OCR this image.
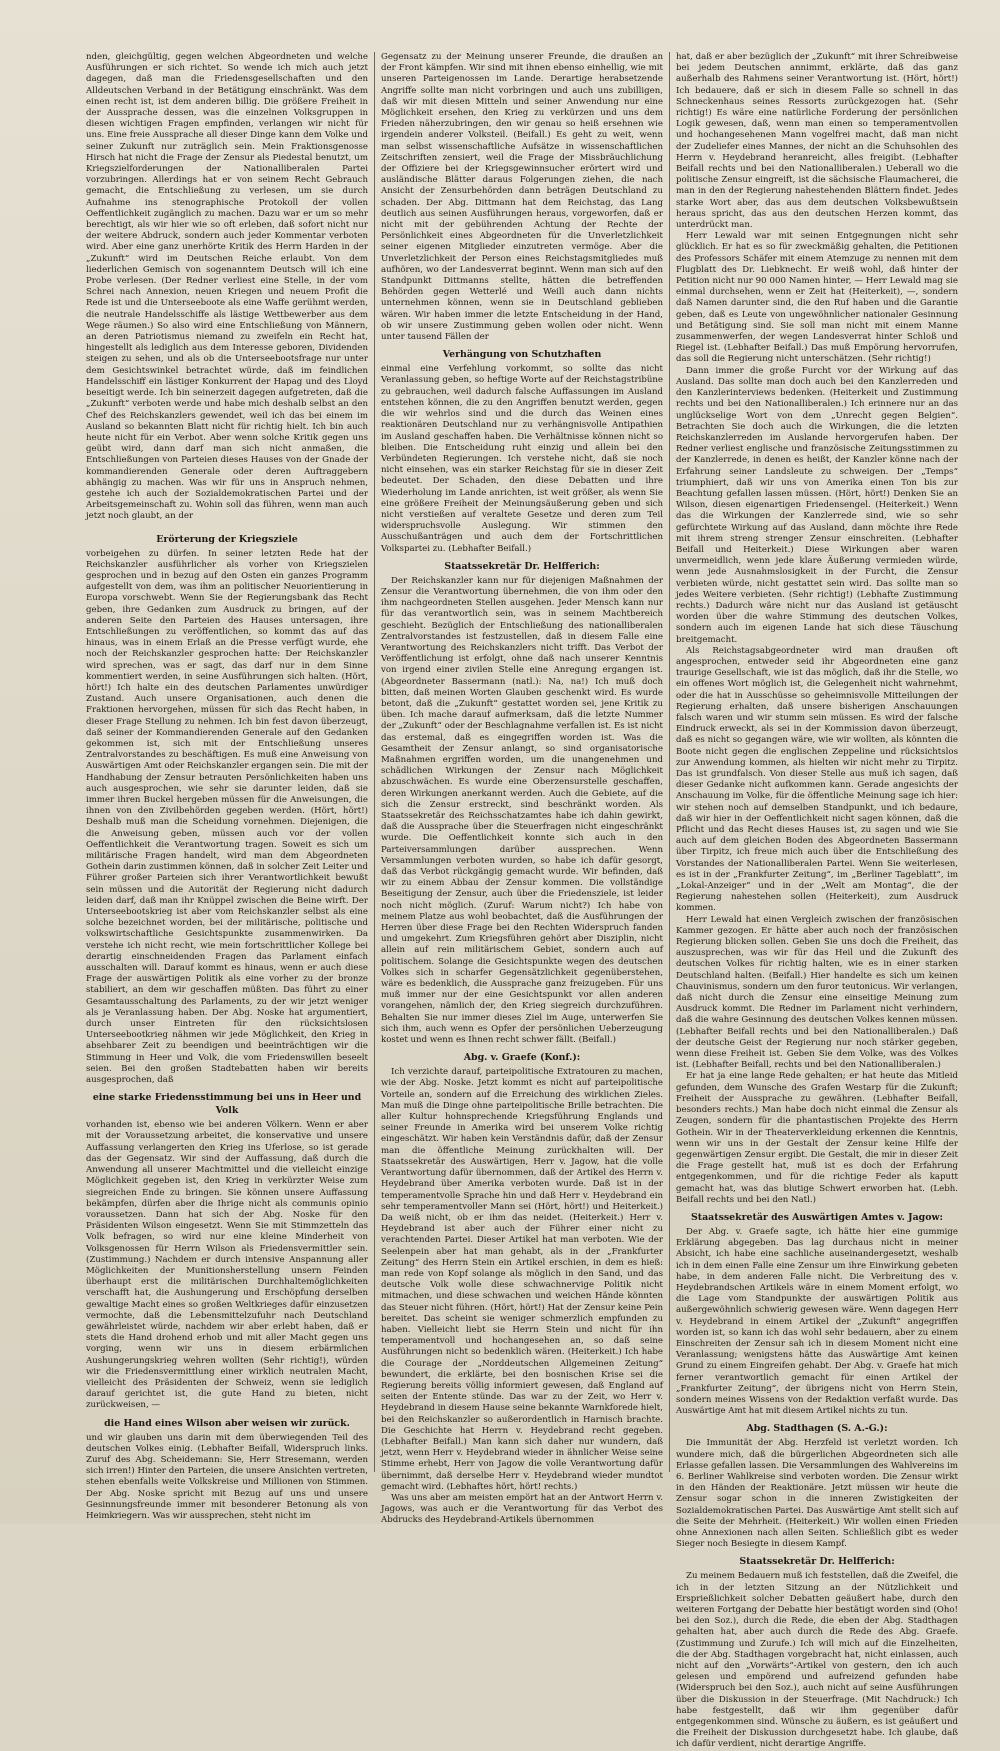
nden, gleichgültig, gegen welchen Abgeordneten und welche Ausführungen er sich richtet. So wende ich mich auch jetzt dagegen, daß man die Friedensgesellschaften und den Alldeutschen Verband in der Betätigung einschränkt. Was dem einen recht ist, ist dem anderen billig. Die größere Freiheit in der Aussprache dessen, was die einzelnen Volksgruppen in diesen wichtigen Fragen empfinden, verlangen wir nicht für uns. Eine freie Aussprache all dieser Dinge kann dem Volke und seiner Zukunft nur zuträglich sein. Mein Fraktionsgenosse Hirsch hat nicht die Frage der Zensur als Piedestal benutzt, um Kriegszielforderungen der Nationalliberalen Partei vorzubringen. Allerdings hat er von seinem Recht Gebrauch gemacht, die Entschließung zu verlesen, um sie durch Aufnahme ins stenographische Protokoll der vollen Oeffentlichkeit zugänglich zu machen. Dazu war er um so mehr berechtigt, als wir hier wie so oft erleben, daß sofort nicht nur der weitere Abdruck, sondern auch jeder Kommentar verboten wird. Aber eine ganz unerhörte Kritik des Herrn Harden in der „Zukunft“ wird im Deutschen Reiche erlaubt. Von dem liederlichen Gemisch von sogenanntem Deutsch will ich eine Probe verlesen. (Der Redner verliest eine Stelle, in der vom Schrei nach Annexion, neuen Kriegen und neuem Profit die Rede ist und die Unterseeboote als eine Waffe gerühmt werden, die neutrale Handelsschiffe als lästige Wettbewerber aus dem Wege räumen.) So also wird eine Entschließung von Männern, an deren Patriotismus niemand zu zweifeln ein Recht hat, hingestellt als lediglich aus dem Interesse geboren, Dividenden steigen zu sehen, und als ob die Unterseebootsfrage nur unter dem Gesichtswinkel betrachtet würde, daß im feindlichen Handelsschiff ein lästiger Konkurrent der Hapag und des Lloyd beseitigt werde. Ich bin seinerzeit dagegen aufgetreten, daß die „Zukunft“ verboten werde und habe mich deshalb selbst an den Chef des Reichskanzlers gewendet, weil ich das bei einem im Ausland so bekannten Blatt nicht für richtig hielt. Ich bin auch heute nicht für ein Verbot. Aber wenn solche Kritik gegen uns geübt wird, dann darf man sich nicht anmaßen, die Entschließungen von Parteien dieses Hauses von der Gnade der kommandierenden Generale oder deren Auftraggebern abhängig zu machen. Was wir für uns in Anspruch nehmen, gestehe ich auch der Sozialdemokratischen Partei und der Arbeitsgemeinschaft zu. Wohin soll das führen, wenn man auch jetzt noch glaubt, an der

Erörterung der Kriegsziele

vorbeigehen zu dürfen. In seiner letzten Rede hat der Reichskanzler ausführlicher als vorher von Kriegszielen gesprochen und in bezug auf den Osten ein ganzes Programm aufgestellt von dem, was ihm an politischer Neuorientierung in Europa vorschwebt. Wenn Sie der Regierungsbank das Recht geben, ihre Gedanken zum Ausdruck zu bringen, auf der anderen Seite den Parteien des Hauses untersagen, ihre Entschließungen zu veröffentlichen, so kommt das auf das hinaus, was in einem Erlaß an die Presse verfügt wurde, ehe noch der Reichskanzler gesprochen hatte: Der Reichskanzler wird sprechen, was er sagt, das darf nur in dem Sinne kommentiert werden, in seine Ausführungen sich halten. (Hört, hört!) Ich halte ein des deutschen Parlamentes unwürdiger Zustand. Auch unsere Organisationen, auch denen die Fraktionen hervorgehen, müssen für sich das Recht haben, in dieser Frage Stellung zu nehmen. Ich bin fest davon überzeugt, daß seiner der Kommandierenden Generale auf den Gedanken gekommen ist, sich mit der Entschließung unseres Zentralvorstandes zu beschäftigen. Es muß eine Anweisung von Auswärtigen Amt oder Reichskanzler ergangen sein. Die mit der Handhabung der Zensur betrauten Persönlichkeiten haben uns auch ausgesprochen, wie sehr sie darunter leiden, daß sie immer ihren Buckel hergeben müssen für die Anweisungen, die ihnen von den Zivilbehörden gegeben werden. (Hört, hört!) Deshalb muß man die Scheidung vornehmen. Diejenigen, die die Anweisung geben, müssen auch vor der vollen Oeffentlichkeit die Verantwortung tragen. Soweit es sich um militärische Fragen handelt, wird man dem Abgeordneten Gothein darin zustimmen können, daß in solcher Zeit Leiter und Führer großer Parteien sich ihrer Verantwortlichkeit bewußt sein müssen und die Autorität der Regierung nicht dadurch leiden darf, daß man ihr Knüppel zwischen die Beine wirft. Der Unterseebootskrieg ist aber vom Reichskanzler selbst als eine solche bezeichnet worden, bei der militärische, politische und volkswirtschaftliche Gesichtspunkte zusammenwirken. Da verstehe ich nicht recht, wie mein fortschrittlicher Kollege bei derartig einschneidenden Fragen das Parlament einfach ausschalten will. Darauf kommt es hinaus, wenn er auch diese Frage der auswärtigen Politik als eine vorher zu der bronze stabiliert, an dem wir geschaffen müßten. Das führt zu einer Gesamtausschaltung des Parlaments, zu der wir jetzt weniger als je Veranlassung haben. Der Abg. Noske hat argumentiert, durch unser Eintreten für den rücksichtslosen Unterseebootkrieg nähmen wir jede Möglichkeit, den Krieg in absehbarer Zeit zu beendigen und beeinträchtigen wir die Stimmung in Heer und Volk, die vom Friedenswillen beseelt seien. Bei den großen Stadtebatten haben wir bereits ausgesprochen, daß

eine starke Friedensstimmung bei uns in Heer und Volk

vorhanden ist, ebenso wie bei anderen Völkern. Wenn er aber mit der Voraussetzung arbeitet, die konservative und unsere Auffassung verlangerten den Krieg ins Uferlose, so ist gerade das der Gegensatz. Wir sind der Auffassung, daß durch die Anwendung all unserer Machtmittel und die vielleicht einzige Möglichkeit gegeben ist, den Krieg in verkürzter Weise zum siegreichen Ende zu bringen. Sie können unsere Auffassung bekämpfen, dürfen aber die Ihrige nicht als communis opinio voraussetzen. Dann hat sich der Abg. Noske für den Präsidenten Wilson eingesetzt. Wenn Sie mit Stimmzetteln das Volk befragen, so wird nur eine kleine Minderheit von Volksgenossen für Herrn Wilson als Friedensvermittler sein. (Zustimmung.) Nachdem er durch intensive Anspannung aller Möglichkeiten der Munitionsherstellung unsern Feinden überhaupt erst die militärischen Durchhaltemöglichkeiten verschafft hat, die Aushungerung und Erschöpfung derselben gewaltige Macht eines so großen Weltkrieges dafür einzusetzen vermochte, daß die Lebensmittelzufuhr nach Deutschland gewährleistet würde, nachdem wir aber erlebt haben, daß er stets die Hand drohend erhob und mit aller Macht gegen uns vorging, wenn wir uns in diesem erbärmlichen Aushungerungskrieg wehren wollten (Sehr richtig!), würden wir die Friedensvermittlung einer wirklich neutralen Macht, vielleicht des Präsidenten der Schweiz, wenn sie lediglich darauf gerichtet ist, die gute Hand zu bieten, nicht zurückweisen, —

die Hand eines Wilson aber weisen wir zurück.

und wir glauben uns darin mit dem überwiegenden Teil des deutschen Volkes einig. (Lebhafter Beifall, Widerspruch links. Zuruf des Abg. Scheidemann: Sie, Herr Stresemann, werden sich irren!) Hinter den Parteien, die unsere Ansichten vertreten, stehen ebenfalls weite Volkskreise und Millionen von Stimmen. Der Abg. Noske spricht mit Bezug auf uns und unsere Gesinnungsfreunde immer mit besonderer Betonung als von Heimkriegern. Was wir aussprechen, steht nicht im

Gegensatz zu der Meinung unserer Freunde, die draußen an der Front kämpfen. Wir sind mit ihnen ebenso einhellig, wie mit unseren Parteigenossen im Lande. Derartige herabsetzende Angriffe sollte man nicht vorbringen und auch uns zubilligen, daß wir mit diesen Mitteln und seiner Anwendung nur eine Möglichkeit ersehen, den Krieg zu verkürzen und uns dem Frieden näherzubringen, den wir genau so heiß ersehnen wie irgendein anderer Volksteil. (Beifall.) Es geht zu weit, wenn man selbst wissenschaftliche Aufsätze in wissenschaftlichen Zeitschriften zensiert, weil die Frage der Missbräuchlichung der Offiziere bei der Kriegsgewinnsucher erörtert wird und ausländische Blätter daraus Folgerungen ziehen, die nach Ansicht der Zensurbehörden dann beträgen Deutschland zu schaden. Der Abg. Dittmann hat dem Reichstag, das Lang deutlich aus seinen Ausführungen heraus, vorgeworfen, daß er nicht mit der gebührenden Achtung der Rechte der Persönlichkeit eines Abgeordneten für die Unverletzlichkeit seiner eigenen Mitglieder einzutreten vermöge. Aber die Unverletzlichkeit der Person eines Reichstagsmitgliedes muß aufhören, wo der Landesverrat beginnt. Wenn man sich auf den Standpunkt Dittmanns stellte, hätten die betreffenden Behörden gegen Wetterlé und Weill auch dann nichts unternehmen können, wenn sie in Deutschland geblieben wären. Wir haben immer die letzte Entscheidung in der Hand, ob wir unsere Zustimmung geben wollen oder nicht. Wenn unter tausend Fällen der

Verhängung von Schutzhaften

einmal eine Verfehlung vorkommt, so sollte das nicht Veranlassung geben, so heftige Worte auf der Reichstagstribüne zu gebrauchen, weil dadurch falsche Auffassungen im Ausland entstehen können, die zu den Angriffen benutzt werden, gegen die wir wehrlos sind und die durch das Weinen eines reaktionären Deutschland nur zu verhängnisvolle Antipathien im Ausland geschaffen haben. Die Verhältnisse können nicht so bleiben. Die Entscheidung ruht einzig und allein bei den Verbündeten Regierungen. Ich verstehe nicht, daß sie noch nicht einsehen, was ein starker Reichstag für sie in dieser Zeit bedeutet. Der Schaden, den diese Debatten und ihre Wiederholung im Lande anrichten, ist weit größer, als wenn Sie eine größere Freiheit der Meinungsäußerung geben und sich nicht verstießen auf veraltete Gesetze und deren zum Teil widerspruchsvolle Auslegung. Wir stimmen den Ausschußanträgen und auch dem der Fortschrittlichen Volkspartei zu. (Lebhafter Beifall.)

Staatssekretär Dr. Helfferich:

Der Reichskanzler kann nur für diejenigen Maßnahmen der Zensur die Verantwortung übernehmen, die von ihm oder den ihm nachgeordneten Stellen ausgehen. Jeder Mensch kann nur für das verantwortlich sein, was in seinem Machtbereich geschieht. Bezüglich der Entschließung des nationalliberalen Zentralvorstandes ist festzustellen, daß in diesem Falle eine Verantwortung des Reichskanzlers nicht trifft. Das Verbot der Veröffentlichung ist erfolgt, ohne daß nach unserer Kenntnis von irgend einer zivilen Stelle eine Anregung ergangen ist. (Abgeordneter Bassermann (natl.): Na, na!) Ich muß doch bitten, daß meinen Worten Glauben geschenkt wird. Es wurde betont, daß die „Zukunft“ gestattet worden sei, jene Kritik zu üben. Ich mache darauf aufmerksam, daß die letzte Nummer der „Zukunft“ oder der Beschlagnahme verfallen ist. Es ist nicht das erstemal, daß es eingegriffen worden ist. Was die Gesamtheit der Zensur anlangt, so sind organisatorische Maßnahmen ergriffen worden, um die unangenehmen und schädlichen Wirkungen der Zensur nach Möglichkeit abzuschwächen. Es wurde eine Oberzensurstelle geschaffen, deren Wirkungen anerkannt werden. Auch die Gebiete, auf die sich die Zensur erstreckt, sind beschränkt worden. Als Staatssekretär des Reichsschatzamtes habe ich dahin gewirkt, daß die Aussprache über die Steuerfragen nicht eingeschränkt wurde. Die Oeffentlichkeit konnte sich auch in den Parteiversammlungen darüber aussprechen. Wenn Versammlungen verboten wurden, so habe ich dafür gesorgt, daß das Verbot rückgängig gemacht wurde. Wir befinden, daß wir zu einem Abbau der Zensur kommen. Die vollständige Beseitigung der Zensur, auch über die Friedensziele, ist leider noch nicht möglich. (Zuruf: Warum nicht?) Ich habe von meinem Platze aus wohl beobachtet, daß die Ausführungen der Herren über diese Frage bei den Rechten Widerspruch fanden und umgekehrt. Zum Kriegsführen gehört aber Disziplin, nicht allein auf rein militärischem Gebiet, sondern auch auf politischem. Solange die Gesichtspunkte wegen des deutschen Volkes sich in scharfer Gegensätzlichkeit gegenüberstehen, wäre es bedenklich, die Aussprache ganz freizugeben. Für uns muß immer nur der eine Gesichtspunkt vor allen anderen vorangehen, nämlich der, den Krieg siegreich durchzuführen. Behalten Sie nur immer dieses Ziel im Auge, unterwerfen Sie sich ihm, auch wenn es Opfer der persönlichen Ueberzeugung kostet und wenn es Ihnen recht schwer fällt. (Beifall.)

Abg. v. Graefe (Konf.):

Ich verzichte darauf, parteipolitische Extratouren zu machen, wie der Abg. Noske. Jetzt kommt es nicht auf parteipolitische Vorteile an, sondern auf die Erreichung des wirklichen Zieles. Man muß die Dinge ohne parteipolitische Brille betrachten. Die aller Kultur hohnsprechende Kriegsführung Englands und seiner Freunde in Amerika wird bei unserem Volke richtig eingeschätzt. Wir haben kein Verständnis dafür, daß der Zensur man die öffentliche Meinung zurückhalten will. Der Staatssekretär des Auswärtigen, Herr v. Jagow, hat die volle Verantwortung dafür übernommen, daß der Artikel des Herrn v. Heydebrand über Amerika verboten wurde. Daß ist in der temperamentvolle Sprache hin und daß Herr v. Heydebrand ein sehr temperamentvoller Mann sei (Hört, hört!) und Heiterkeit.) Da weiß nicht, ob er ihm das neidet. (Heiterkeit.) Herr v. Heydebrand ist aber auch der Führer einer nicht zu verachtenden Partei. Dieser Artikel hat man verboten. Wie der Seelenpein aber hat man gehabt, als in der „Frankfurter Zeitung“ des Herrn Stein ein Artikel erschien, in dem es hieß: man rede von Kopf solange als möglich in den Sand, und das deutsche Volk wolle diese schwachnervige Politik nicht mitmachen, und diese schwachen und weichen Hände könnten das Steuer nicht führen. (Hört, hört!) Hat der Zensur keine Pein bereitet. Das scheint sie weniger schmerzlich empfunden zu haben. Vielleicht liebt sie Herrn Stein und nicht für ihn temperamentvoll und hochangesehen an, so daß seine Ausführungen nicht so bedenklich wären. (Heiterkeit.) Ich habe die Courage der „Norddeutschen Allgemeinen Zeitung“ bewundert, die erklärte, bei den bosnischen Krise sei die Regierung bereits völlig informiert gewesen, daß England auf seiten der Entente stünde. Das war zu der Zeit, wo Herr v. Heydebrand in diesem Hause seine bekannte Warnkforede hielt, bei den Reichskanzler so außerordentlich in Harnisch brachte. Die Geschichte hat Herrn v. Heydebrand recht gegeben. (Lebhafter Beifall.) Man kann sich daher nur wundern, daß jetzt, wenn Herr v. Heydebrand wieder in ähnlicher Weise seine Stimme erhebt, Herr von Jagow die volle Verantwortung dafür übernimmt, daß derselbe Herr v. Heydebrand wieder mundtot gemacht wird. (Lebhaftes hört, hört! rechts.)

Was uns aber am meisten empört hat an der Antwort Herrn v. Jagows, was auch er die Verantwortung für das Verbot des Abdrucks des Heydebrand-Artikels übernommen

hat, daß er aber bezüglich der „Zukunft“ mit ihrer Schreibweise bei jedem Deutschen annimmt, erklärte, daß das ganz außerhalb des Rahmens seiner Verantwortung ist. (Hört, hört!) Ich bedauere, daß er sich in diesem Falle so schnell in das Schneckenhaus seines Ressorts zurückgezogen hat. (Sehr richtig!) Es wäre eine natürliche Forderung der persönlichen Logik gewesen, daß, wenn man einen so temperamentvollen und hochangesehenen Mann vogelfrei macht, daß man nicht der Zudeliefer eines Mannes, der nicht an die Schuhsohlen des Herrn v. Heydebrand heranreicht, alles freigibt. (Lebhafter Beifall rechts und bei den Nationalliberalen.) Ueberall wo die politische Zensur eingreift, ist die sächsische Flaumacherei, die man in den der Regierung nahestehenden Blättern findet. Jedes starke Wort aber, das aus dem deutschen Volksbewußtsein heraus spricht, das aus den deutschen Herzen kommt, das unterdrückt man.

Herr Lewald war mit seinen Entgegnungen nicht sehr glücklich. Er hat es so für zweckmäßig gehalten, die Petitionen des Professors Schäfer mit einem Atemzuge zu nennen mit dem Flugblatt des Dr. Liebknecht. Er weiß wohl, daß hinter der Petition nicht nur 90 000 Namen hinter, — Herr Lewald mag sie einmal durchsehen, wenn er Zeit hat (Heiterkeit), —, sondern daß Namen darunter sind, die den Ruf haben und die Garantie geben, daß es Leute von ungewöhnlicher nationaler Gesinnung und Betätigung sind. Sie soll man nicht mit einem Manne zusammenwerfen, der wegen Landesverrat hinter Schloß und Riegel ist. (Lebhafter Beifall.) Das muß Empörung hervorrufen, das soll die Regierung nicht unterschätzen. (Sehr richtig!)

Dann immer die große Furcht vor der Wirkung auf das Ausland. Das sollte man doch auch bei den Kanzlerreden und den Kanzlerinterviews bedenken. (Heiterkeit und Zustimmung rechts und bei den Nationalliberalen.) Ich erinnere nur an das unglückselige Wort von dem „Unrecht gegen Belgien“. Betrachten Sie doch auch die Wirkungen, die die letzten Reichskanzlerreden im Auslande hervorgerufen haben. Der Redner verliest englische und französische Zeitungsstimmen zu der Kanzlerrede, in denen es heißt, der Kanzler könne nach der Erfahrung seiner Landsleute zu schweigen. Der „Temps“ triumphiert, daß wir uns von Amerika einen Ton bis zur Beachtung gefallen lassen müssen. (Hört, hört!) Denken Sie an Wilson, diesen eigenartigen Friedensengel. (Heiterkeit.) Wenn das die Wirkungen der Kanzlerrede sind, wie so sehr gefürchtete Wirkung auf das Ausland, dann möchte ihre Rede mit ihrem streng strenger Zensur einschreiten. (Lebhafter Beifall und Heiterkeit.) Diese Wirkungen aber waren unvermeidlich, wenn jede klare Äußerung vermieden würde, wenn jede Ausnahmslosigkeit in der Furcht, die Zensur verbieten würde, nicht gestattet sein wird. Das sollte man so jedes Weitere verbieten. (Sehr richtig!) (Lebhafte Zustimmung rechts.) Dadurch wäre nicht nur das Ausland ist getäuscht worden über die wahre Stimmung des deutschen Volkes, sondern auch im eigenen Lande hat sich diese Täuschung breitgemacht.

Als Reichstagsabgeordneter wird man draußen oft angesprochen, entweder seid ihr Abgeordneten eine ganz traurige Gesellschaft, wie ist das möglich, daß ihr die Stelle, wo ein offenes Wort möglich ist, die Gelegenheit nicht wahrnehmt, oder die hat in Ausschüsse so geheimnisvolle Mitteilungen der Regierung erhalten, daß unsere bisherigen Anschauungen falsch waren und wir stumm sein müssen. Es wird der falsche Eindruck erweckt, als sei in der Kommission davon überzeugt, daß es nicht so gegangen wäre, wie wir wollten, als könnten die Boote nicht gegen die englischen Zeppeline und rücksichtslos zur Anwendung kommen, als hielten wir nicht mehr zu Tirpitz. Das ist grundfalsch. Von dieser Stelle aus muß ich sagen, daß dieser Gedanke nicht aufkommen kann. Gerade angesichts der Anschauung im Volke, für die öffentliche Meinung sage ich hier: wir stehen noch auf demselben Standpunkt, und ich bedaure, daß wir hier in der Oeffentlichkeit nicht sagen können, daß die Pflicht und das Recht dieses Hauses ist, zu sagen und wie Sie auch auf dem gleichen Boden des Abgeordneten Bassermann über Tirpitz, ich freue mich auch über die Entschließung des Vorstandes der Nationalliberalen Partei. Wenn Sie weiterlesen, es ist in der „Frankfurter Zeitung“, im „Berliner Tageblatt“, im „Lokal-Anzeiger“ und in der „Welt am Montag“, die der Regierung nahestehen sollen (Heiterkeit), zum Ausdruck kommen.

Herr Lewald hat einen Vergleich zwischen der französischen Kammer gezogen. Er hätte aber auch noch der französischen Regierung blicken sollen. Geben Sie uns doch die Freiheit, das auszusprechen, was wir für das Heil und die Zukunft des deutschen Volkes für richtig halten, wie es in einer starken Deutschland halten. (Beifall.) Hier handelte es sich um keinen Chauvinismus, sondern um den furor teutonicus. Wir verlangen, daß nicht durch die Zensur eine einseitige Meinung zum Ausdruck kommt. Die Redner im Parlament nicht verhindern, daß die wahre Gesinnung des deutschen Volkes kennen müssen. (Lebhafter Beifall rechts und bei den Nationalliberalen.) Daß der deutsche Geist der Regierung nur noch stärker gegeben, wenn diese Freiheit ist. Geben Sie dem Volke, was des Volkes ist. (Lebhafter Beifall, rechts und bei den Nationalliberalen.)

Er hat ja eine lange Rede gehalten; er hat heute das Mitleid gefunden, dem Wunsche des Grafen Westarp für die Zukunft; Freiheit der Aussprache zu gewähren. (Lebhafter Beifall, besonders rechts.) Man habe doch nicht einmal die Zensur als Zeugen, sondern für die phantastischen Projekte des Herrn Gothein. Wir in der Theaterverkleidung erkennen die Kenntnis, wenn wir uns in der Gestalt der Zensur keine Hilfe der gegenwärtigen Zensur ergibt. Die Gestalt, die mir in dieser Zeit die Frage gestellt hat, muß ist es doch der Erfahrung entgegenkommen, und für die richtige Feder als kaputt gemacht hat, was das blutige Schwert erworben hat. (Lebh. Beifall rechts und bei den Natl.)

Staatssekretär des Auswärtigen Amtes v. Jagow:

Der Abg. v. Graefe sagte, ich hätte hier eine gummige Erklärung abgegeben. Das lag durchaus nicht in meiner Absicht, ich habe eine sachliche auseinandergesetzt, weshalb ich in dem einen Falle eine Zensur um ihre Einwirkung gebeten habe, in dem anderen Falle nicht. Die Verbreitung des v. Heydebrandschen Artikels wäre in einem Moment erfolgt, wo die Lage vom Standpunkte der auswärtigen Politik aus außergewöhnlich schwierig gewesen wäre. Wenn dagegen Herr v. Heydebrand in einem Artikel der „Zukunft“ angegriffen worden ist, so kann ich das wohl sehr bedauern, aber zu einem Einschreiten der Zensur sah ich in diesem Moment nicht eine Veranlassung; wenigstens hätte das Auswärtige Amt keinen Grund zu einem Eingreifen gehabt. Der Abg. v. Graefe hat mich ferner verantwortlich gemacht für einen Artikel der „Frankfurter Zeitung“, der übrigens nicht von Herrn Stein, sondern meines Wissens von der Redaktion verfaßt wurde. Das Auswärtige Amt hat mit diesem Artikel nichts zu tun.

Abg. Stadthagen (S. A.-G.):

Die Immunität der Abg. Herzfeld ist verletzt worden. Ich wundere mich, daß die bürgerlichen Abgeordneten sich alle Erlasse gefallen lassen. Die Versammlungen des Wahlvereins im 6. Berliner Wahlkreise sind verboten worden. Die Zensur wirkt in den Händen der Reaktionäre. Jetzt müssen wir heute die Zensur sogar schon in die inneren Zwistigkeiten der Sozialdemokratischen Partei. Das Auswärtige Amt stellt sich auf die Seite der Mehrheit. (Heiterkeit.) Wir wollen einen Frieden ohne Annexionen nach allen Seiten. Schließlich gibt es weder Sieger noch Besiegte in diesem Kampf.

Staatssekretär Dr. Helfferich:

Zu meinem Bedauern muß ich feststellen, daß die Zweifel, die ich in der letzten Sitzung an der Nützlichkeit und Ersprießlichkeit solcher Debatten geäußert habe, durch den weiteren Fortgang der Debatte hier bestätigt worden sind (Oho! bei den Soz.), durch die Rede, die eben der Abg. Stadthagen gehalten hat, aber auch durch die Rede des Abg. Graefe. (Zustimmung und Zurufe.) Ich will mich auf die Einzelheiten, die der Abg. Stadthagen vorgebracht hat, nicht einlassen, auch nicht auf den „Vorwärts“-Artikel von gestern, den ich auch gelesen und empörend und aufreizend gefunden habe (Widerspruch bei den Soz.), auch nicht auf seine Ausführungen über die Diskussion in der Steuerfrage. (Mit Nachdruck:) Ich habe festgestellt, daß wir ihm gegenüber dafür entgegenkommen sind. Wünsche zu äußern, es ist geäußert und die Freiheit der Diskussion durchgesetzt habe. Ich glaube, daß ich dafür verdient, nicht derartige Angriffe.
